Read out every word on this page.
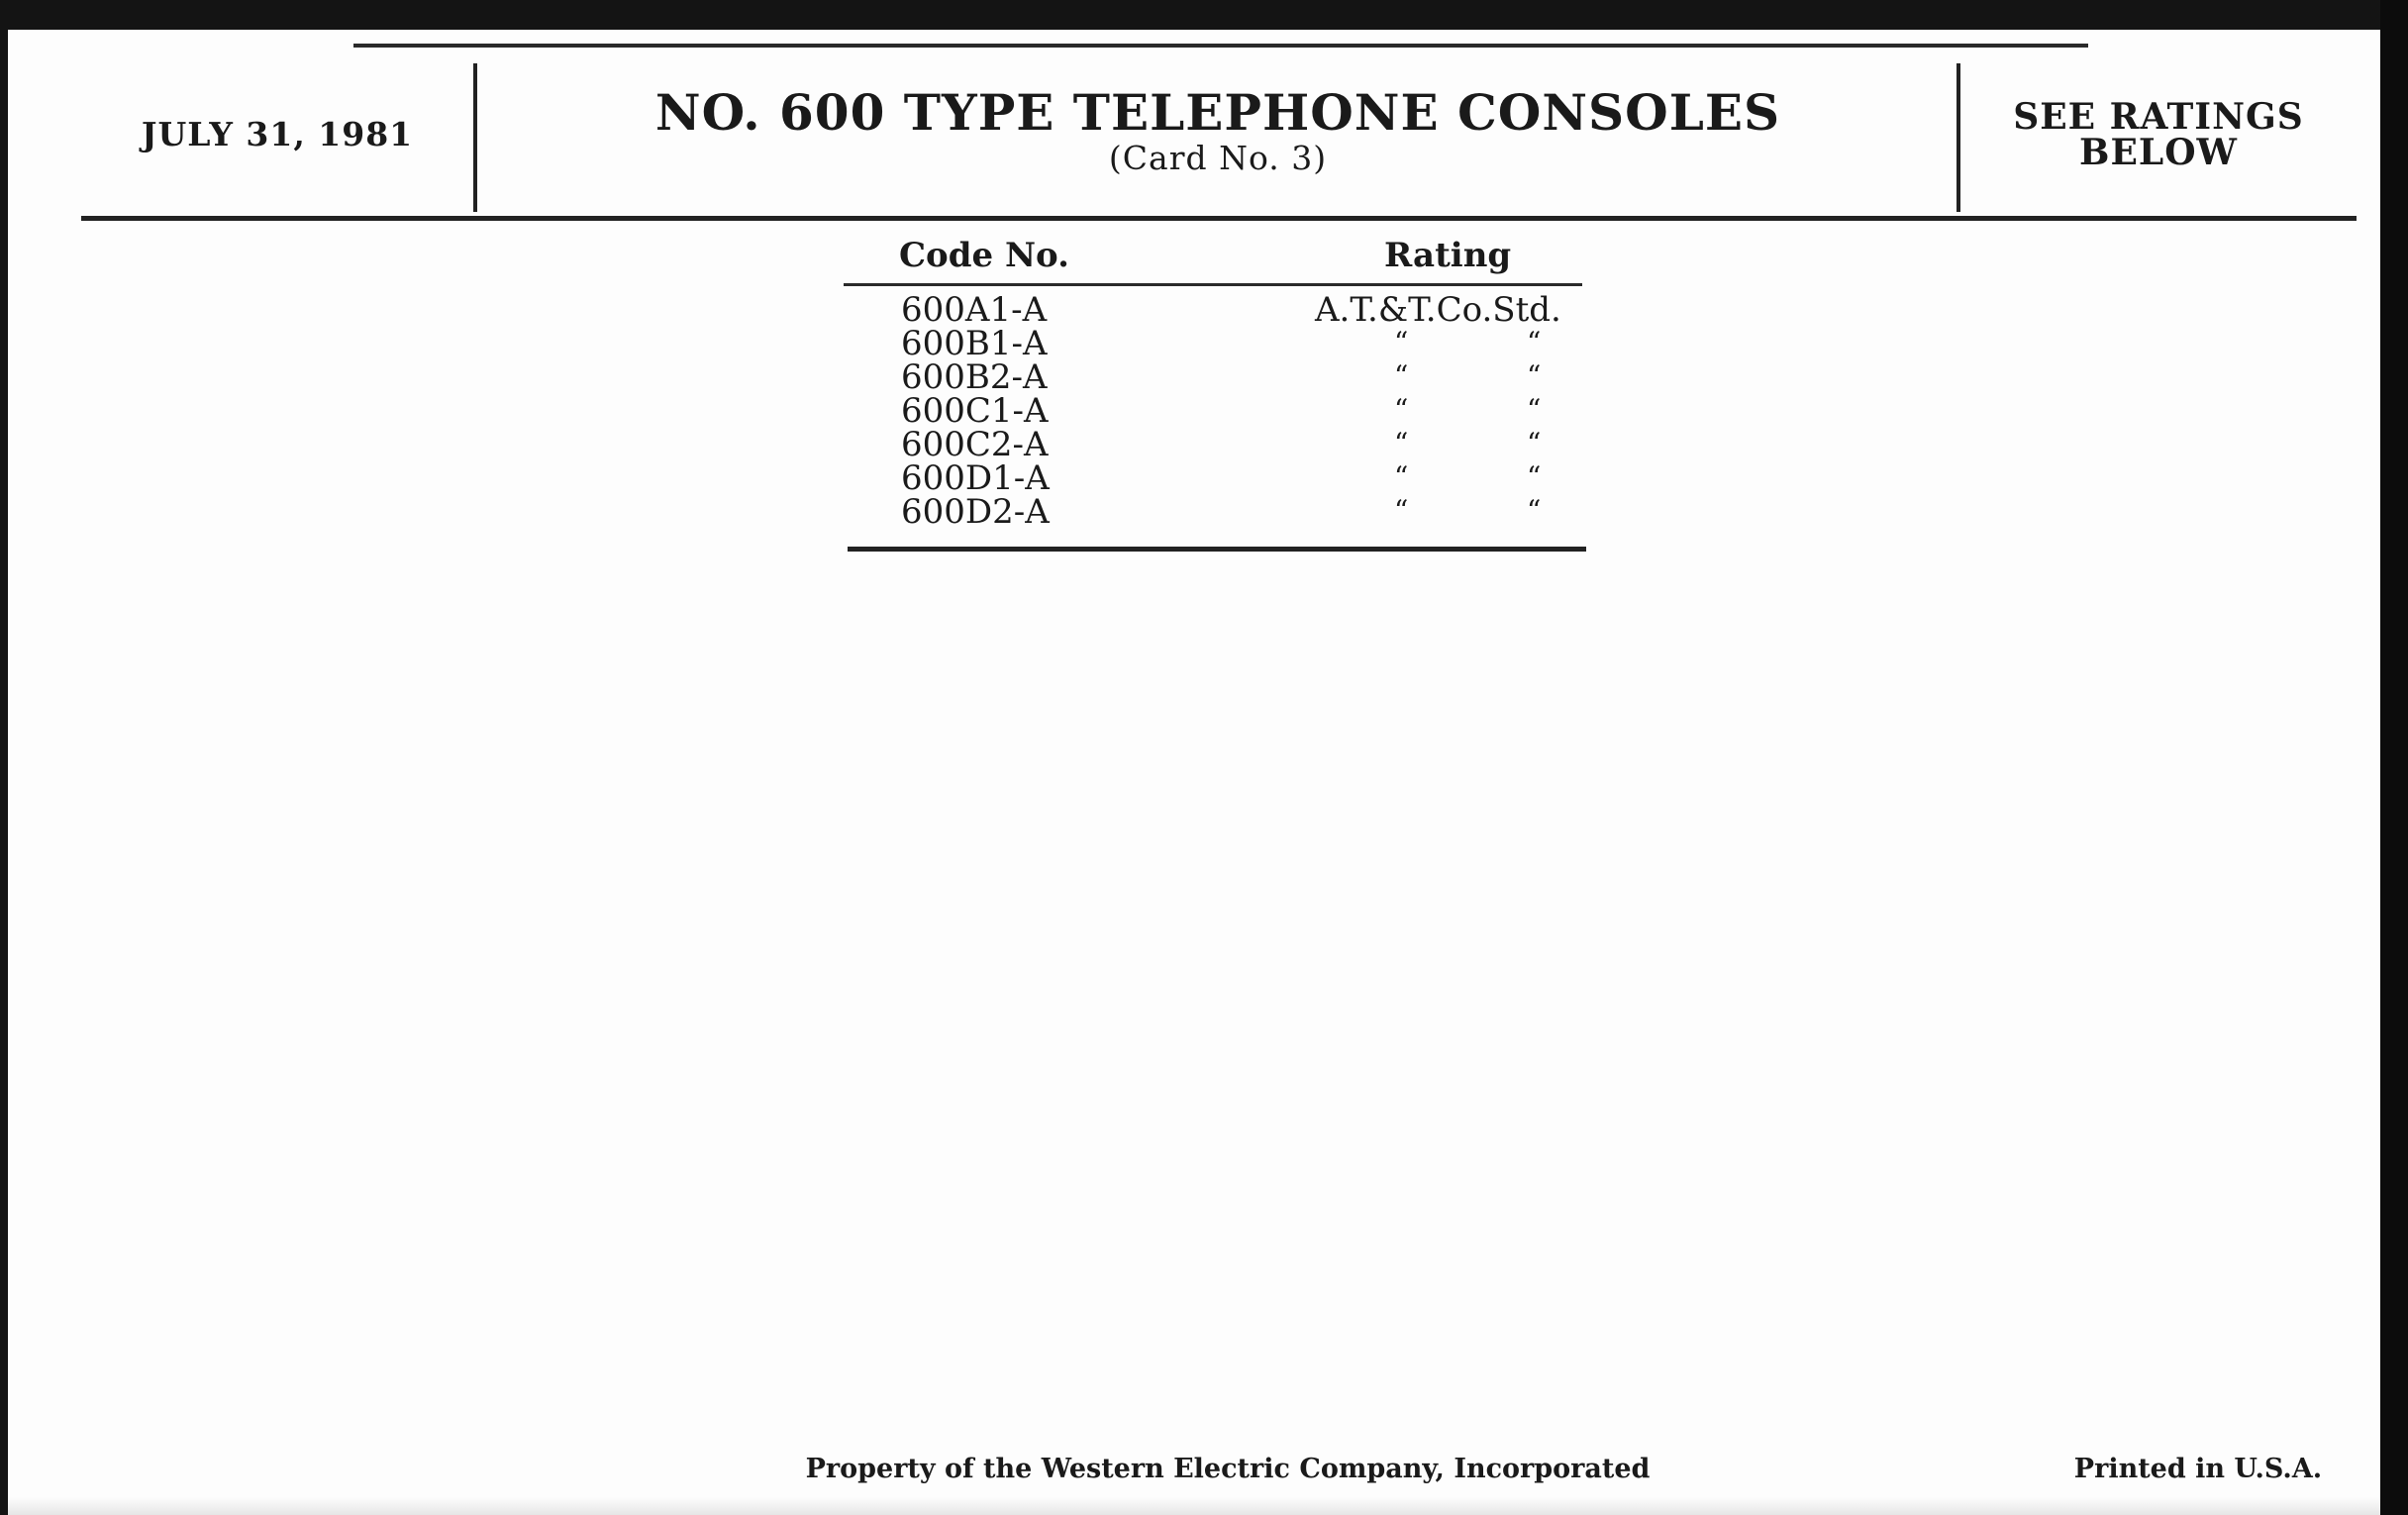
JULY 31, 1981	NO. 600 TYPE TELEPHONE CONSOLES
(Card No. 3)
SEE RATINGS
BELOW
Code No.	Rating
600A1-A	A.T.&T.Co.Std.
600B1-A	“	“
600B2-A	“	“
600C1-A	“	“
600C2-A	“	“
600D1-A	“	“
600D2-A	“	“
Property of the Western Electric Company, Incorporated	Printed in U.S.A.
